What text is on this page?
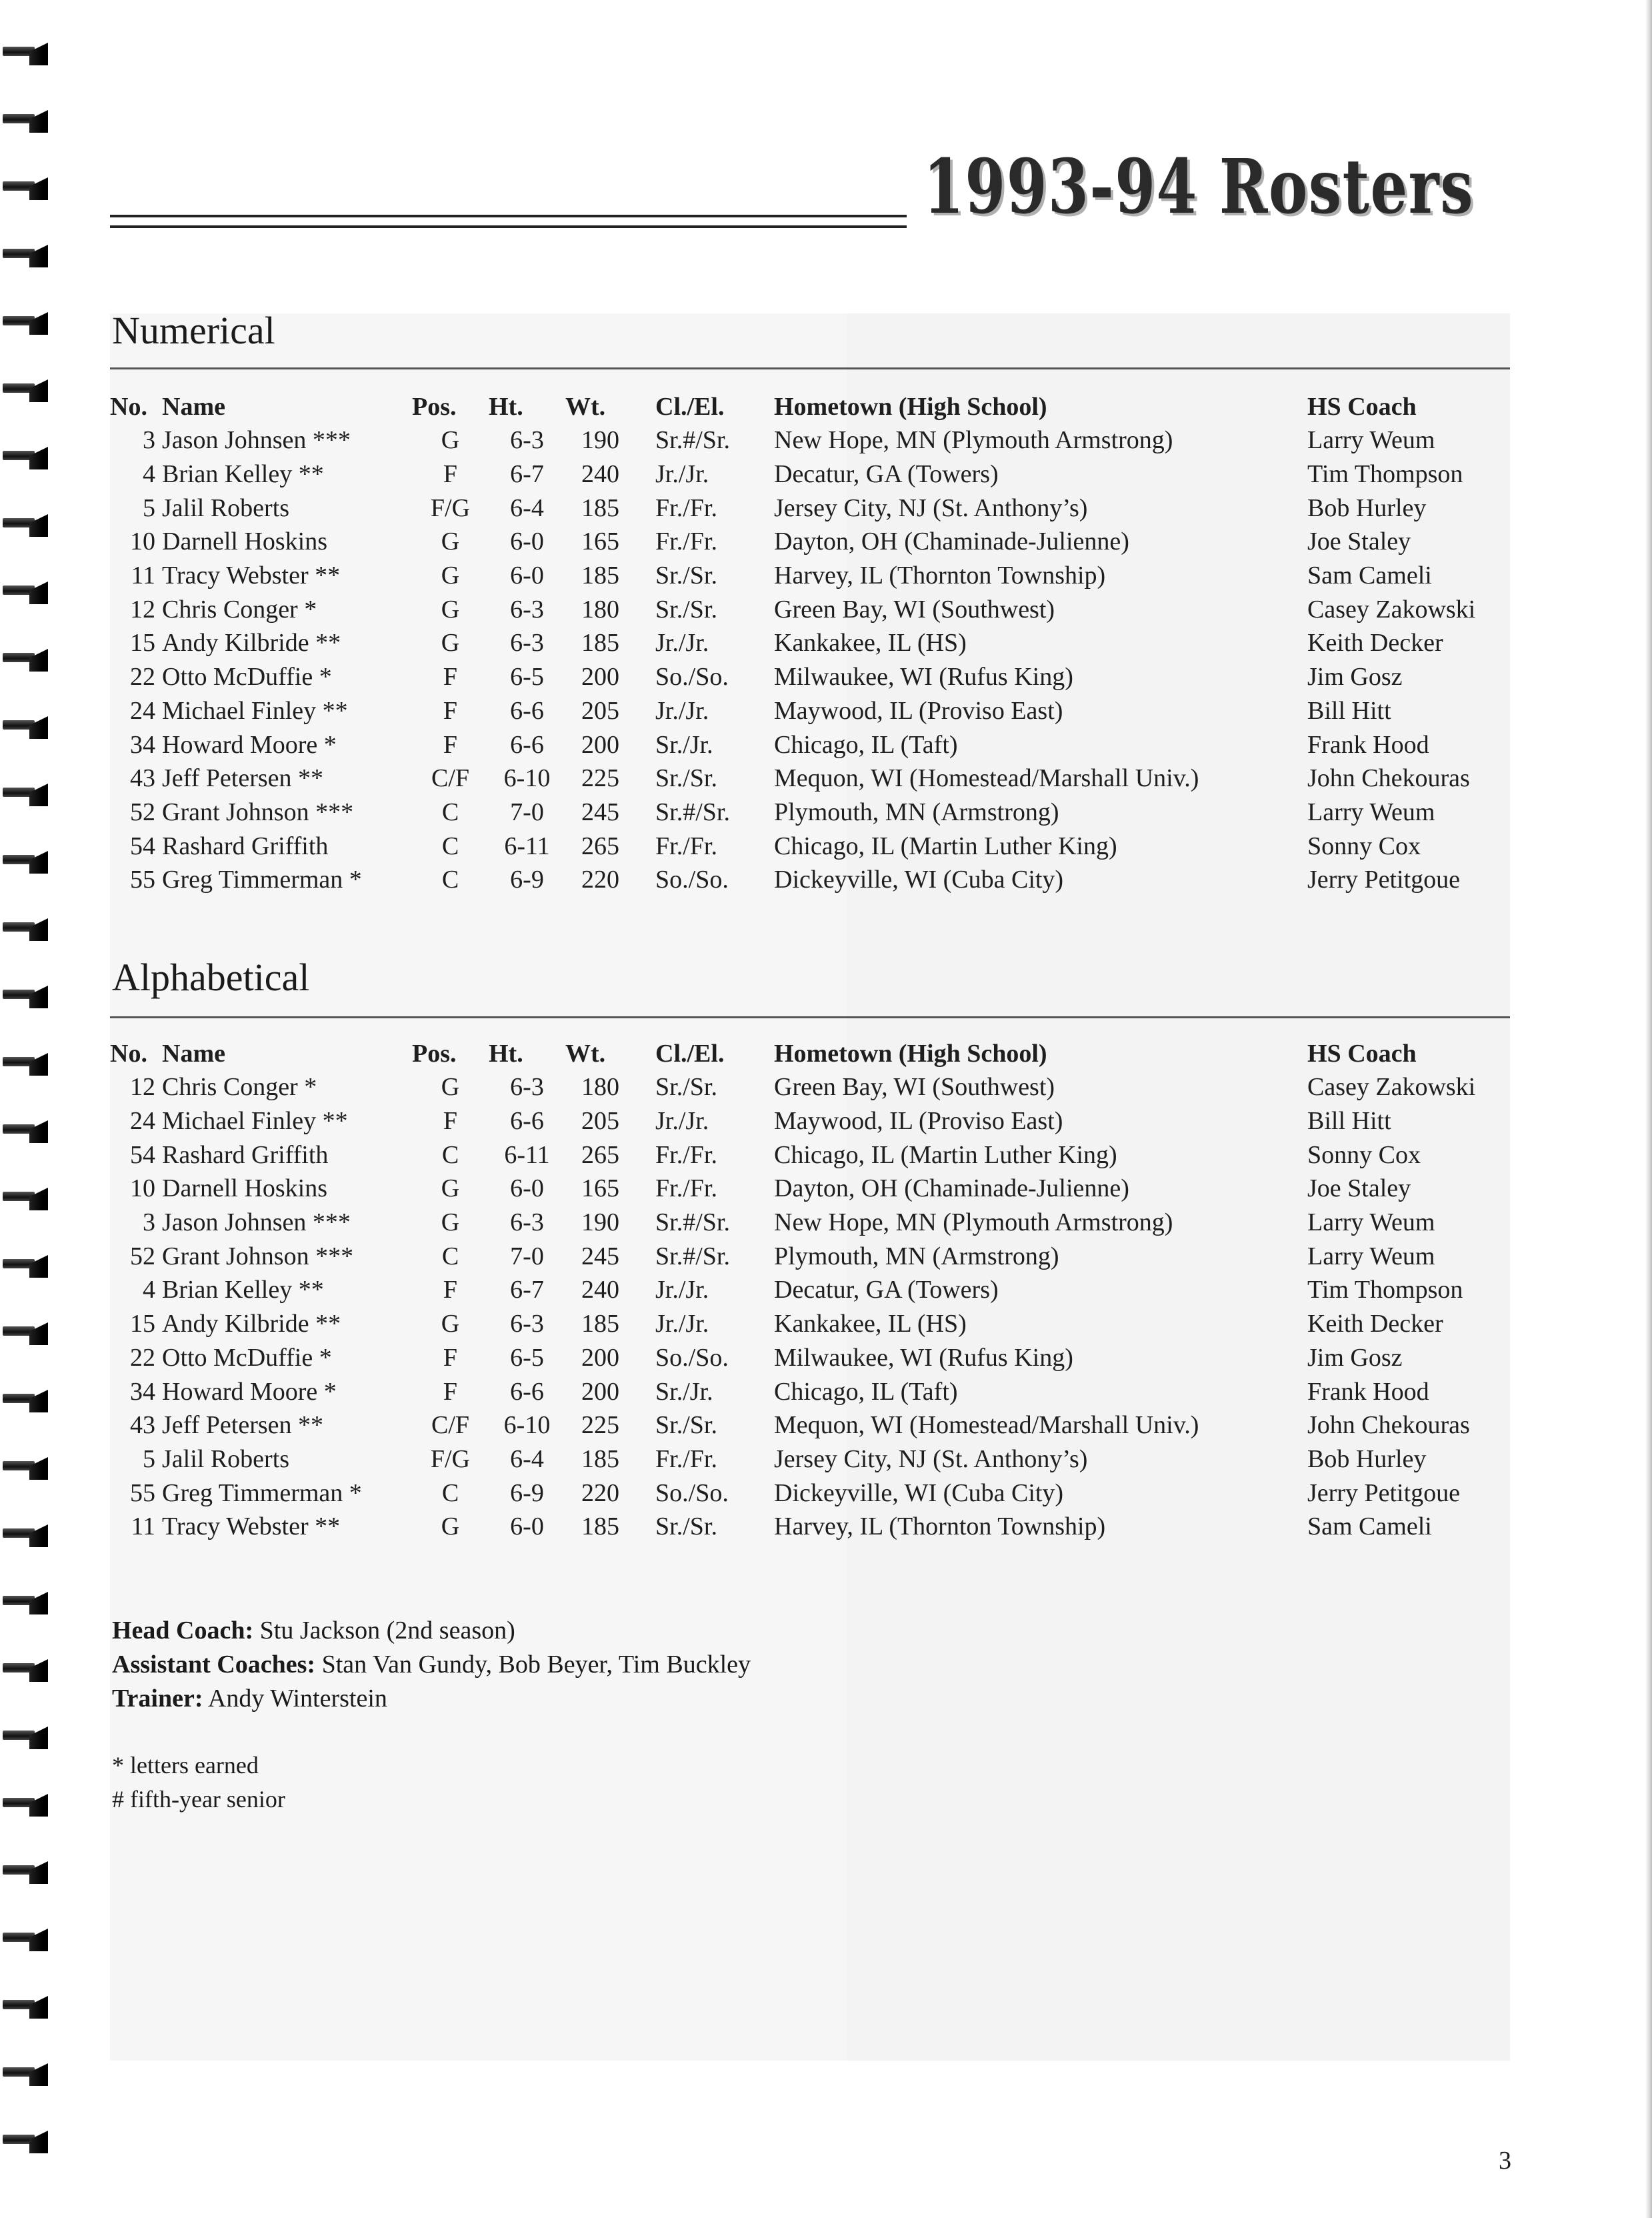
1993-94 Rosters
Numerical
No.	Name	Pos.	Ht.	Wt.	Cl./El.	Hometown (High School)	HS Coach
3	Jason Johnsen ***	G	6-3	190	Sr.#/Sr.	New Hope, MN (Plymouth Armstrong)	Larry Weum
4	Brian Kelley **	F	6-7	240	Jr./Jr.	Decatur, GA (Towers)	Tim Thompson
5	Jalil Roberts	F/G	6-4	185	Fr./Fr.	Jersey City, NJ (St. Anthony’s)	Bob Hurley
10	Darnell Hoskins	G	6-0	165	Fr./Fr.	Dayton, OH (Chaminade-Julienne)	Joe Staley
11	Tracy Webster **	G	6-0	185	Sr./Sr.	Harvey, IL (Thornton Township)	Sam Cameli
12	Chris Conger *	G	6-3	180	Sr./Sr.	Green Bay, WI (Southwest)	Casey Zakowski
15	Andy Kilbride **	G	6-3	185	Jr./Jr.	Kankakee, IL (HS)	Keith Decker
22	Otto McDuffie *	F	6-5	200	So./So.	Milwaukee, WI (Rufus King)	Jim Gosz
24	Michael Finley **	F	6-6	205	Jr./Jr.	Maywood, IL (Proviso East)	Bill Hitt
34	Howard Moore *	F	6-6	200	Sr./Jr.	Chicago, IL (Taft)	Frank Hood
43	Jeff Petersen **	C/F	6-10	225	Sr./Sr.	Mequon, WI (Homestead/Marshall Univ.)	John Chekouras
52	Grant Johnson ***	C	7-0	245	Sr.#/Sr.	Plymouth, MN (Armstrong)	Larry Weum
54	Rashard Griffith	C	6-11	265	Fr./Fr.	Chicago, IL (Martin Luther King)	Sonny Cox
55	Greg Timmerman *	C	6-9	220	So./So.	Dickeyville, WI (Cuba City)	Jerry Petitgoue
Alphabetical
No.	Name	Pos.	Ht.	Wt.	Cl./El.	Hometown (High School)	HS Coach
12	Chris Conger *	G	6-3	180	Sr./Sr.	Green Bay, WI (Southwest)	Casey Zakowski
24	Michael Finley **	F	6-6	205	Jr./Jr.	Maywood, IL (Proviso East)	Bill Hitt
54	Rashard Griffith	C	6-11	265	Fr./Fr.	Chicago, IL (Martin Luther King)	Sonny Cox
10	Darnell Hoskins	G	6-0	165	Fr./Fr.	Dayton, OH (Chaminade-Julienne)	Joe Staley
3	Jason Johnsen ***	G	6-3	190	Sr.#/Sr.	New Hope, MN (Plymouth Armstrong)	Larry Weum
52	Grant Johnson ***	C	7-0	245	Sr.#/Sr.	Plymouth, MN (Armstrong)	Larry Weum
4	Brian Kelley **	F	6-7	240	Jr./Jr.	Decatur, GA (Towers)	Tim Thompson
15	Andy Kilbride **	G	6-3	185	Jr./Jr.	Kankakee, IL (HS)	Keith Decker
22	Otto McDuffie *	F	6-5	200	So./So.	Milwaukee, WI (Rufus King)	Jim Gosz
34	Howard Moore *	F	6-6	200	Sr./Jr.	Chicago, IL (Taft)	Frank Hood
43	Jeff Petersen **	C/F	6-10	225	Sr./Sr.	Mequon, WI (Homestead/Marshall Univ.)	John Chekouras
5	Jalil Roberts	F/G	6-4	185	Fr./Fr.	Jersey City, NJ (St. Anthony’s)	Bob Hurley
55	Greg Timmerman *	C	6-9	220	So./So.	Dickeyville, WI (Cuba City)	Jerry Petitgoue
11	Tracy Webster **	G	6-0	185	Sr./Sr.	Harvey, IL (Thornton Township)	Sam Cameli
Head Coach: Stu Jackson (2nd season)
Assistant Coaches: Stan Van Gundy, Bob Beyer, Tim Buckley
Trainer: Andy Winterstein
* letters earned
# fifth-year senior
3
